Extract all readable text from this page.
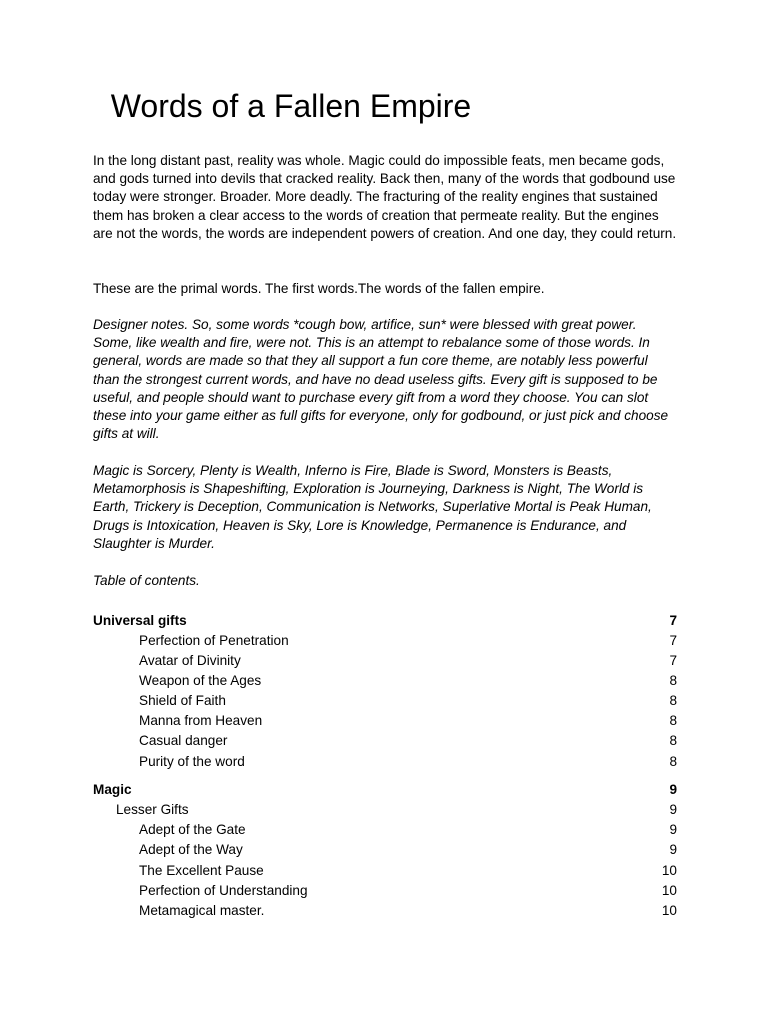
Words of a Fallen Empire

In the long distant past, reality was whole. Magic could do impossible feats, men became gods, and gods turned into devils that cracked reality. Back then, many of the words that godbound use today were stronger. Broader. More deadly. The fracturing of the reality engines that sustained them has broken a clear access to the words of creation that permeate reality. But the engines are not the words, the words are independent powers of creation. And one day, they could return.

These are the primal words. The first words.The words of the fallen empire.

Designer notes. So, some words *cough bow, artifice, sun* were blessed with great power. Some, like wealth and fire, were not. This is an attempt to rebalance some of those words. In general, words are made so that they all support a fun core theme, are notably less powerful than the strongest current words, and have no dead useless gifts. Every gift is supposed to be useful, and people should want to purchase every gift from a word they choose. You can slot these into your game either as full gifts for everyone, only for godbound, or just pick and choose gifts at will.

Magic is Sorcery, Plenty is Wealth, Inferno is Fire, Blade is Sword, Monsters is Beasts, Metamorphosis is Shapeshifting, Exploration is Journeying, Darkness is Night, The World is Earth, Trickery is Deception, Communication is Networks, Superlative Mortal is Peak Human, Drugs is Intoxication, Heaven is Sky, Lore is Knowledge, Permanence is Endurance, and Slaughter is Murder.

Table of contents.

Universal gifts	7
Perfection of Penetration	7
Avatar of Divinity	7
Weapon of the Ages	8
Shield of Faith	8
Manna from Heaven	8
Casual danger	8
Purity of the word	8
Magic	9
Lesser Gifts	9
Adept of the Gate	9
Adept of the Way	9
The Excellent Pause	10
Perfection of Understanding	10
Metamagical master.	10
